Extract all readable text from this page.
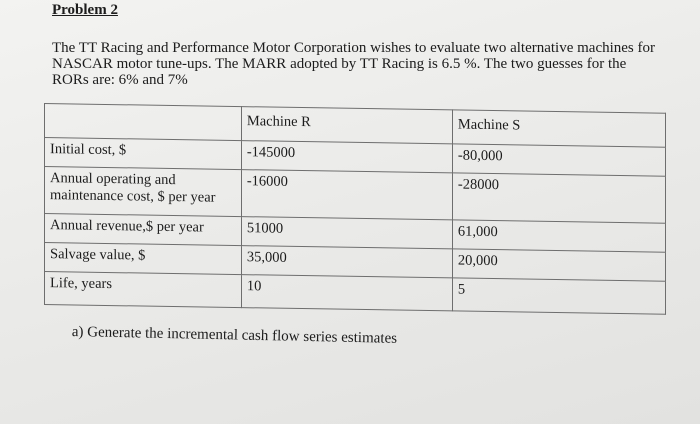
Problem 2
The TT Racing and Performance Motor Corporation wishes to evaluate two alternative machines for NASCAR motor tune-ups. The MARR adopted by TT Racing is 6.5 %. The two guesses for the RORs are: 6% and 7%
	Machine R	Machine S
Initial cost, $	-145000	-80,000
Annual operating and maintenance cost, $ per year	-16000	-28000
Annual revenue,$ per year	51000	61,000
Salvage value, $	35,000	20,000
Life, years	10	5
a) Generate the incremental cash flow series estimates
